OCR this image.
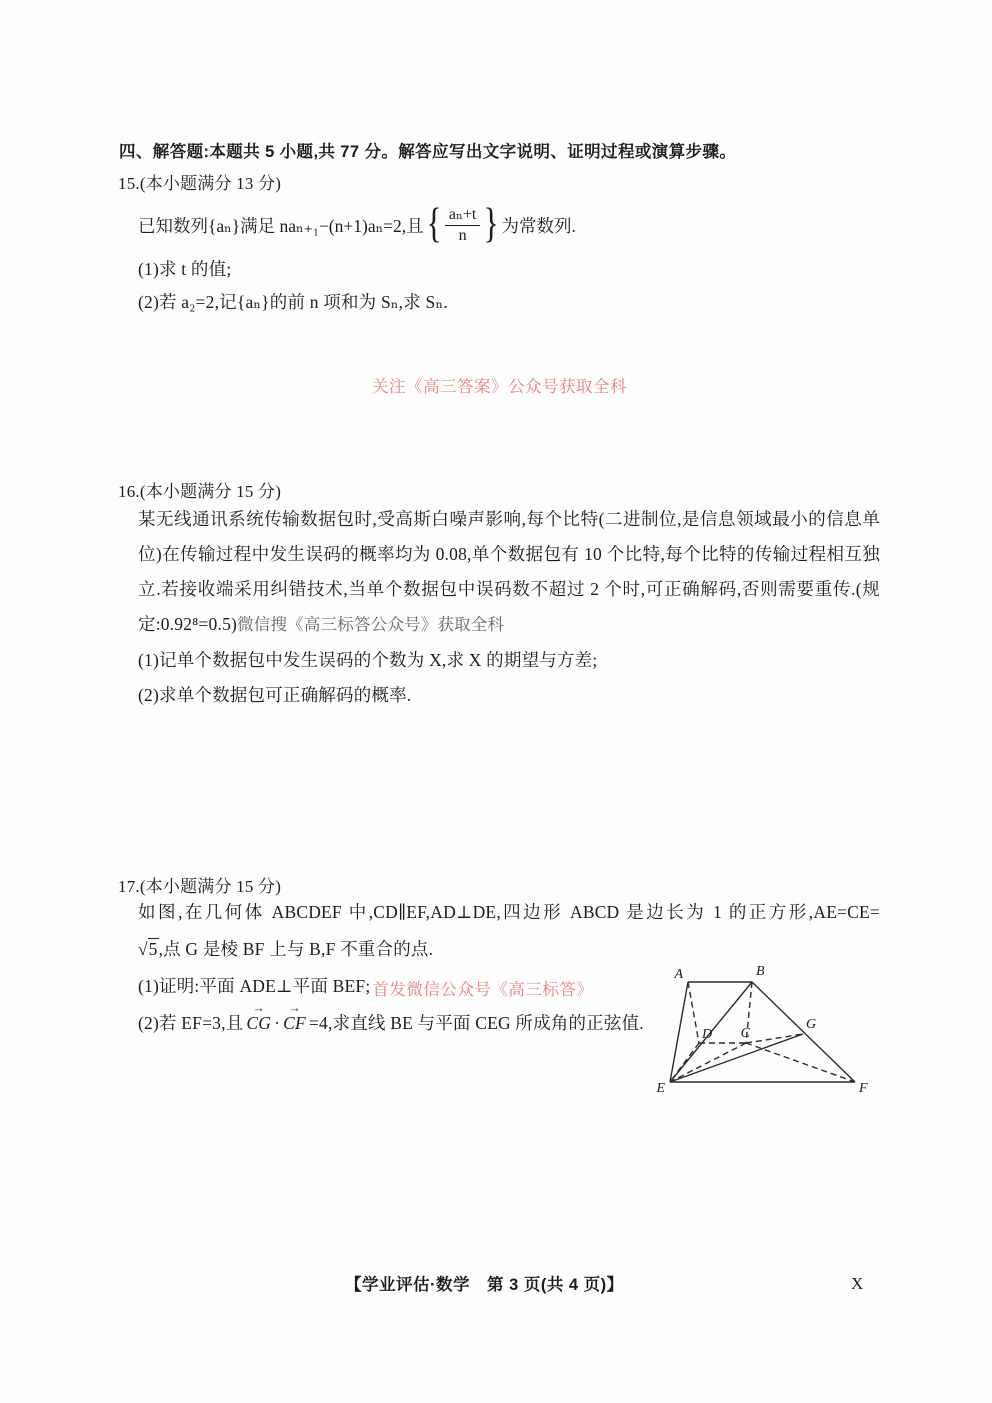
四、解答题:本题共 5 小题,共 77 分。解答应写出文字说明、证明过程或演算步骤。
15.(本小题满分 13 分)
已知数列{aₙ}满足 naₙ₊₁−(n+1)aₙ=2,且 { $\frac{\text{aₙ+t}}{n}$ } 为常数列.
(1)求 t 的值;
(2)若 a₂=2,记{aₙ}的前 n 项和为 Sₙ,求 Sₙ.
关注《高三答案》公众号获取全科
16.(本小题满分 15 分)
某无线通讯系统传输数据包时,受高斯白噪声影响,每个比特(二进制位,是信息领域最小的信息单
位)在传输过程中发生误码的概率均为 0.08,单个数据包有 10 个比特,每个比特的传输过程相互独
立.若接收端采用纠错技术,当单个数据包中误码数不超过 2 个时,可正确解码,否则需要重传.(规
定:0.92⁸=0.5)微信搜《高三标答公众号》获取全科
(1)记单个数据包中发生误码的个数为 X,求 X 的期望与方差;
(2)求单个数据包可正确解码的概率.
17.(本小题满分 15 分)
如图,在几何体 ABCDEF 中,CD∥EF,AD⊥DE,四边形 ABCD 是边长为 1 的正方形,AE=CE=
√5,点 G 是棱 BF 上与 B,F 不重合的点.
(1)证明:平面 ADE⊥平面 BEF; 首发微信公众号《高三标答》
(2)若 EF=3,且
→
CG ·
→
CF =4,求直线 BE 与平面 CEG 所成角的正弦值.
A	B
C
D
E	F
G
【学业评估·数学　第 3 页(共 4 页)】	X
